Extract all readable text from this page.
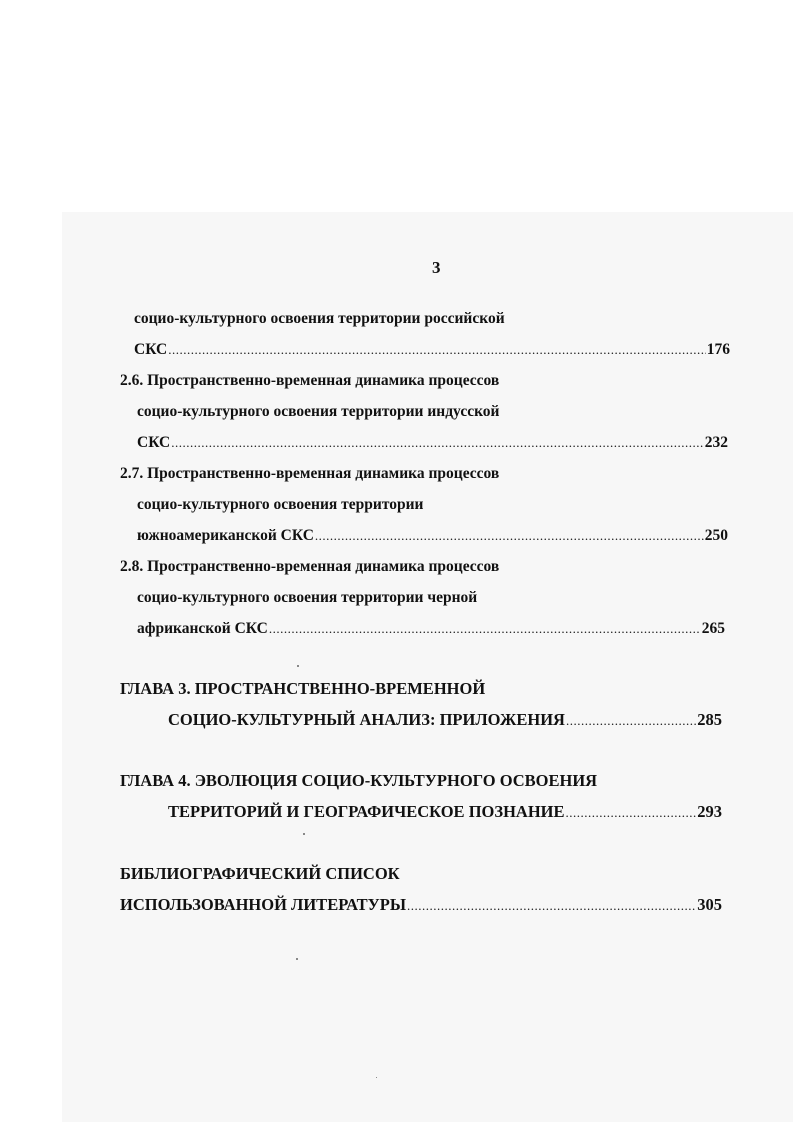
3
социо-культурного освоения территории российской
СКС .....	176
2.6. Пространственно-временная динамика процессов
социо-культурного освоения территории индусской
СКС .....	232
2.7. Пространственно-временная динамика процессов
социо-культурного освоения территории
южноамериканской СКС .....	250
2.8. Пространственно-временная динамика процессов
социо-культурного освоения территории черной
африканской СКС .....	265
ГЛАВА 3. ПРОСТРАНСТВЕННО-ВРЕМЕННОЙ
СОЦИО-КУЛЬТУРНЫЙ АНАЛИЗ: ПРИЛОЖЕНИЯ .....	285
ГЛАВА 4. ЭВОЛЮЦИЯ СОЦИО-КУЛЬТУРНОГО ОСВОЕНИЯ
ТЕРРИТОРИЙ И ГЕОГРАФИЧЕСКОЕ ПОЗНАНИЕ .....	293
БИБЛИОГРАФИЧЕСКИЙ СПИСОК
ИСПОЛЬЗОВАННОЙ ЛИТЕРАТУРЫ .....	305
